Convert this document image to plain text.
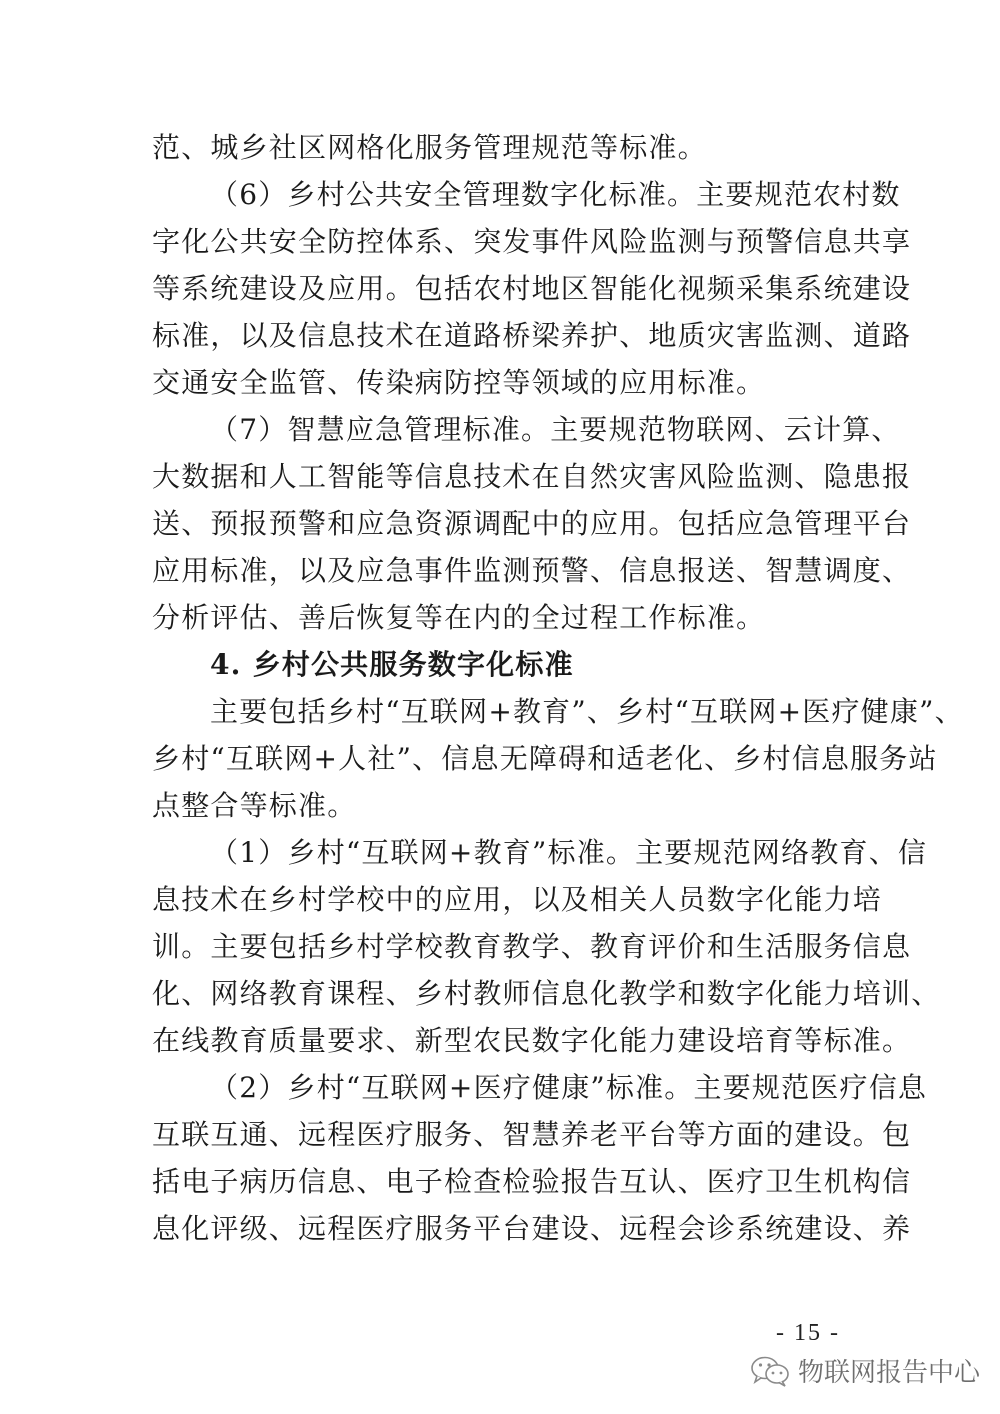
范、城乡社区网格化服务管理规范等标准。
（6）乡村公共安全管理数字化标准。主要规范农村数
字化公共安全防控体系、突发事件风险监测与预警信息共享
等系统建设及应用。包括农村地区智能化视频采集系统建设
标准，以及信息技术在道路桥梁养护、地质灾害监测、道路
交通安全监管、传染病防控等领域的应用标准。
（7）智慧应急管理标准。主要规范物联网、云计算、
大数据和人工智能等信息技术在自然灾害风险监测、隐患报
送、预报预警和应急资源调配中的应用。包括应急管理平台
应用标准，以及应急事件监测预警、信息报送、智慧调度、
分析评估、善后恢复等在内的全过程工作标准。
4. 乡村公共服务数字化标准
主要包括乡村“互联网+教育”、乡村“互联网+医疗健康”、
乡村“互联网+人社”、信息无障碍和适老化、乡村信息服务站
点整合等标准。
（1）乡村“互联网+教育”标准。主要规范网络教育、信
息技术在乡村学校中的应用，以及相关人员数字化能力培
训。主要包括乡村学校教育教学、教育评价和生活服务信息
化、网络教育课程、乡村教师信息化教学和数字化能力培训、
在线教育质量要求、新型农民数字化能力建设培育等标准。
（2）乡村“互联网+医疗健康”标准。主要规范医疗信息
互联互通、远程医疗服务、智慧养老平台等方面的建设。包
括电子病历信息、电子检查检验报告互认、医疗卫生机构信
息化评级、远程医疗服务平台建设、远程会诊系统建设、养
- 15 -
物联网报告中心
